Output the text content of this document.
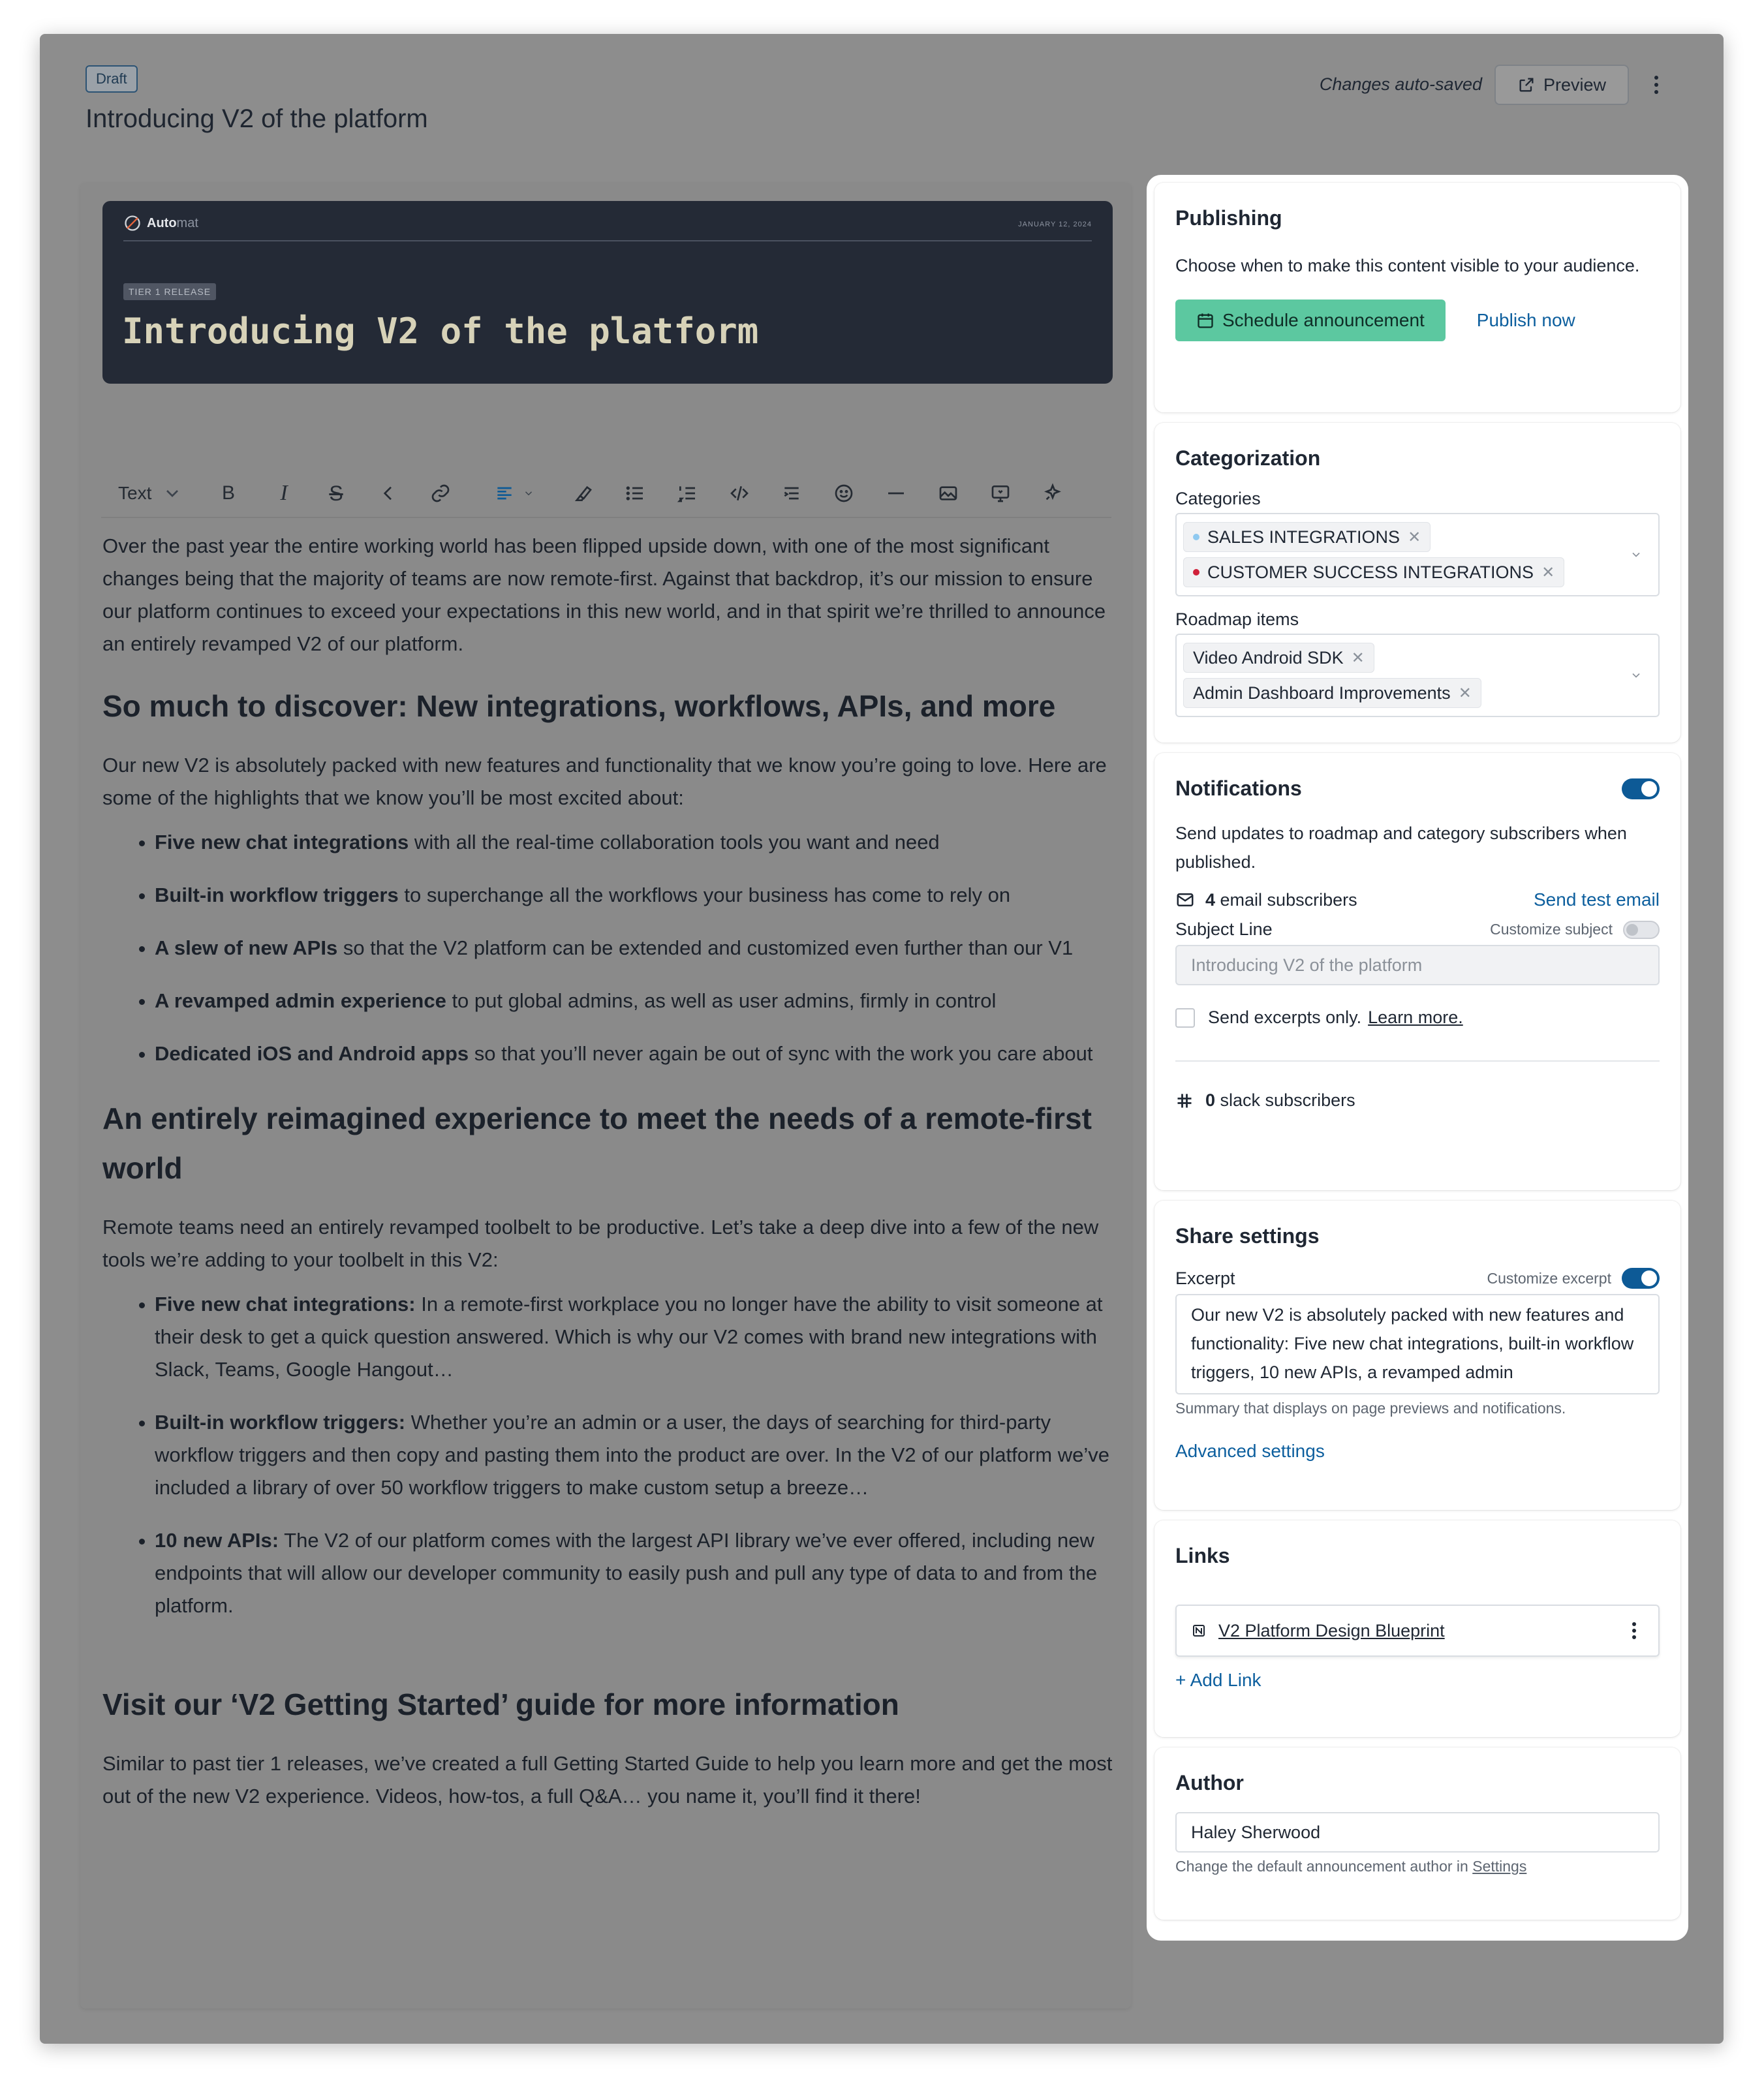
Draft
Introducing V2 of the platform
Changes auto-saved	Preview
Automat	JANUARY 12, 2024
TIER 1 RELEASE
Introducing V2 of the platform
Text	B I S

Over the past year the entire working world has been flipped upside down, with one of the most significant changes being that the majority of teams are now remote-first. Against that backdrop, it’s our mission to ensure our platform continues to exceed your expectations in this new world, and in that spirit we’re thrilled to announce an entirely revamped V2 of our platform.

So much to discover: New integrations, workflows, APIs, and more

Our new V2 is absolutely packed with new features and functionality that we know you’re going to love. Here are some of the highlights that we know you’ll be most excited about:

Five new chat integrations with all the real-time collaboration tools you want and need
Built-in workflow triggers to superchange all the workflows your business has come to rely on
A slew of new APIs so that the V2 platform can be extended and customized even further than our V1
A revamped admin experience to put global admins, as well as user admins, firmly in control
Dedicated iOS and Android apps so that you’ll never again be out of sync with the work you care about
An entirely reimagined experience to meet the needs of a remote-first world

Remote teams need an entirely revamped toolbelt to be productive. Let’s take a deep dive into a few of the new tools we’re adding to your toolbelt in this V2:

Five new chat integrations: In a remote-first workplace you no longer have the ability to visit someone at their desk to get a quick question answered. Which is why our V2 comes with brand new integrations with Slack, Teams, Google Hangout…
Built-in workflow triggers: Whether you’re an admin or a user, the days of searching for third-party workflow triggers and then copy and pasting them into the product are over. In the V2 of our platform we’ve included a library of over 50 workflow triggers to make custom setup a breeze…
10 new APIs: The V2 of our platform comes with the largest API library we’ve ever offered, including new endpoints that will allow our developer community to easily push and pull any type of data to and from the platform.
Visit our ‘V2 Getting Started’ guide for more information

Similar to past tier 1 releases, we’ve created a full Getting Started Guide to help you learn more and get the most out of the new V2 experience. Videos, how-tos, a full Q&A… you name it, you’ll find it there!

Publishing
Choose when to make this content visible to your audience.
Schedule announcement	Publish now
Categorization
Categories
SALES INTEGRATIONS ✕
CUSTOMER SUCCESS INTEGRATIONS ✕
Roadmap items
Video Android SDK ✕
Admin Dashboard Improvements ✕
Notifications
Send updates to roadmap and category subscribers when published.
4 email subscribers	Send test email
Subject Line	Customize subject
Introducing V2 of the platform
Send excerpts only. Learn more.
0 slack subscribers
Share settings
Excerpt	Customize excerpt
Our new V2 is absolutely packed with new features and functionality: Five new chat integrations, built-in workflow triggers, 10 new APIs, a revamped admin
Summary that displays on page previews and notifications.
Advanced settings
Links
V2 Platform Design Blueprint
+ Add Link
Author
Haley Sherwood
Change the default announcement author in Settings
